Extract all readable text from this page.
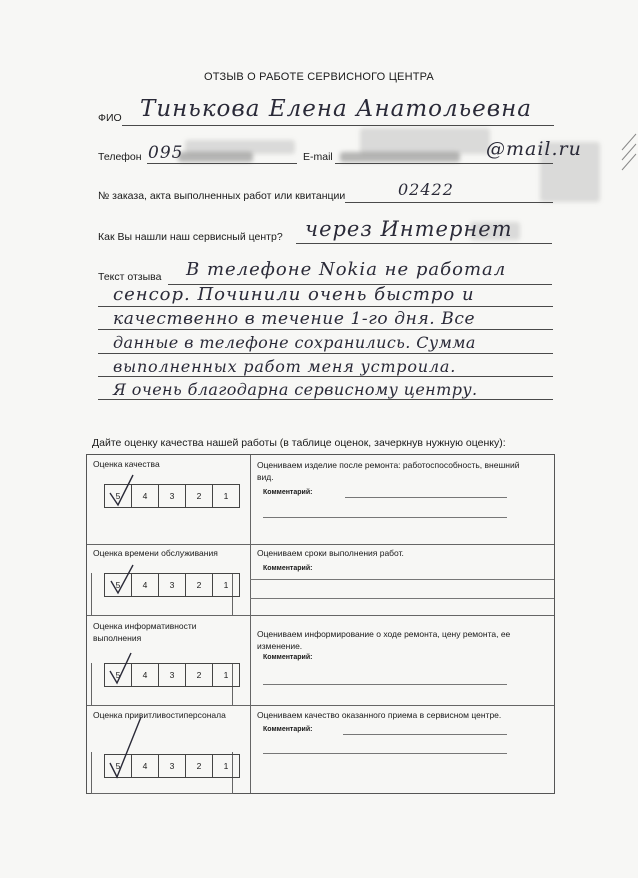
ОТЗЫВ О РАБОТЕ СЕРВИСНОГО ЦЕНТРА
ФИО Тинькова Елена Анатольевна
Телефон 095	E-mail	@mail.ru
№ заказа, акта выполненных работ или квитанции	02422
Как Вы нашли наш сервисный центр? через Интернет
Текст отзыва В телефоне Nokia не работал
сенсор. Починили очень быстро и
качественно в течение 1-го дня. Все
данные в телефоне сохранились. Сумма
выполненных работ меня устроила.
Я очень благодарна сервисному центру.
Дайте оценку качества нашей работы (в таблице оценок, зачеркнув нужную оценку):
Оценка качества
5	4	3	2	1
Оцениваем изделие после ремонта: работоспособность, внешний вид.
Комментарий:
Оценка времени обслуживания
5	4	3	2	1
Оцениваем сроки выполнения работ.
Комментарий:
Оценка информативности выполнения
5	4	3	2	1
Оцениваем информирование о ходе ремонта, цену ремонта, ее изменение.
Комментарий:
Оценка привитливостиперсонала
5	4	3	2	1
Оцениваем качество оказанного приема в сервисном центре.
Комментарий:
